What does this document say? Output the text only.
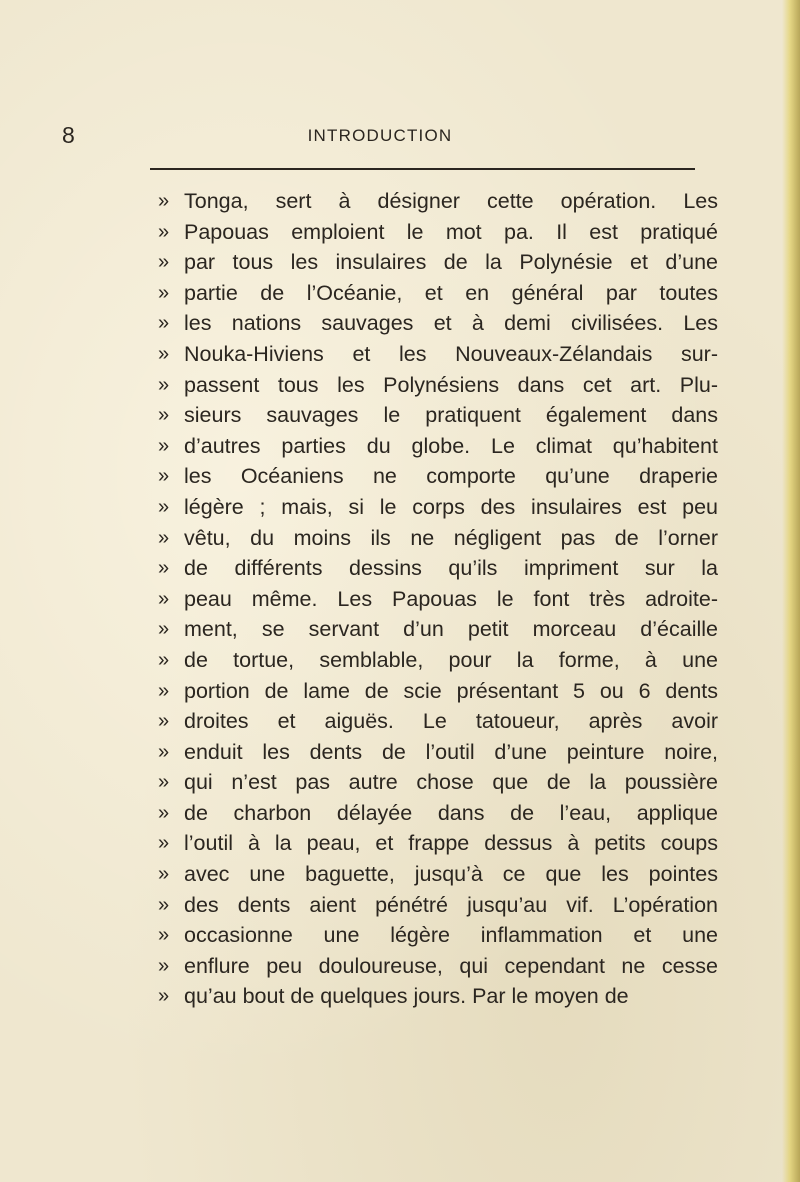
8	INTRODUCTION
» Tonga, sert à désigner cette opération. Les
» Papouas emploient le mot pa. Il est pratiqué
» par tous les insulaires de la Polynésie et d’une
» partie de l’Océanie, et en général par toutes
» les nations sauvages et à demi civilisées. Les
» Nouka-Hiviens et les Nouveaux-Zélandais sur-
» passent tous les Polynésiens dans cet art. Plu-
» sieurs sauvages le pratiquent également dans
» d’autres parties du globe. Le climat qu’habitent
» les Océaniens ne comporte qu’une draperie
» légère ; mais, si le corps des insulaires est peu
» vêtu, du moins ils ne négligent pas de l’orner
» de différents dessins qu’ils impriment sur la
» peau même. Les Papouas le font très adroite-
» ment, se servant d’un petit morceau d’écaille
» de tortue, semblable, pour la forme, à une
» portion de lame de scie présentant 5 ou 6 dents
» droites et aiguës. Le tatoueur, après avoir
» enduit les dents de l’outil d’une peinture noire,
» qui n’est pas autre chose que de la poussière
» de charbon délayée dans de l’eau, applique
» l’outil à la peau, et frappe dessus à petits coups
» avec une baguette, jusqu’à ce que les pointes
» des dents aient pénétré jusqu’au vif. L’opération
» occasionne une légère inflammation et une
» enflure peu douloureuse, qui cependant ne cesse
» qu’au bout de quelques jours. Par le moyen de
